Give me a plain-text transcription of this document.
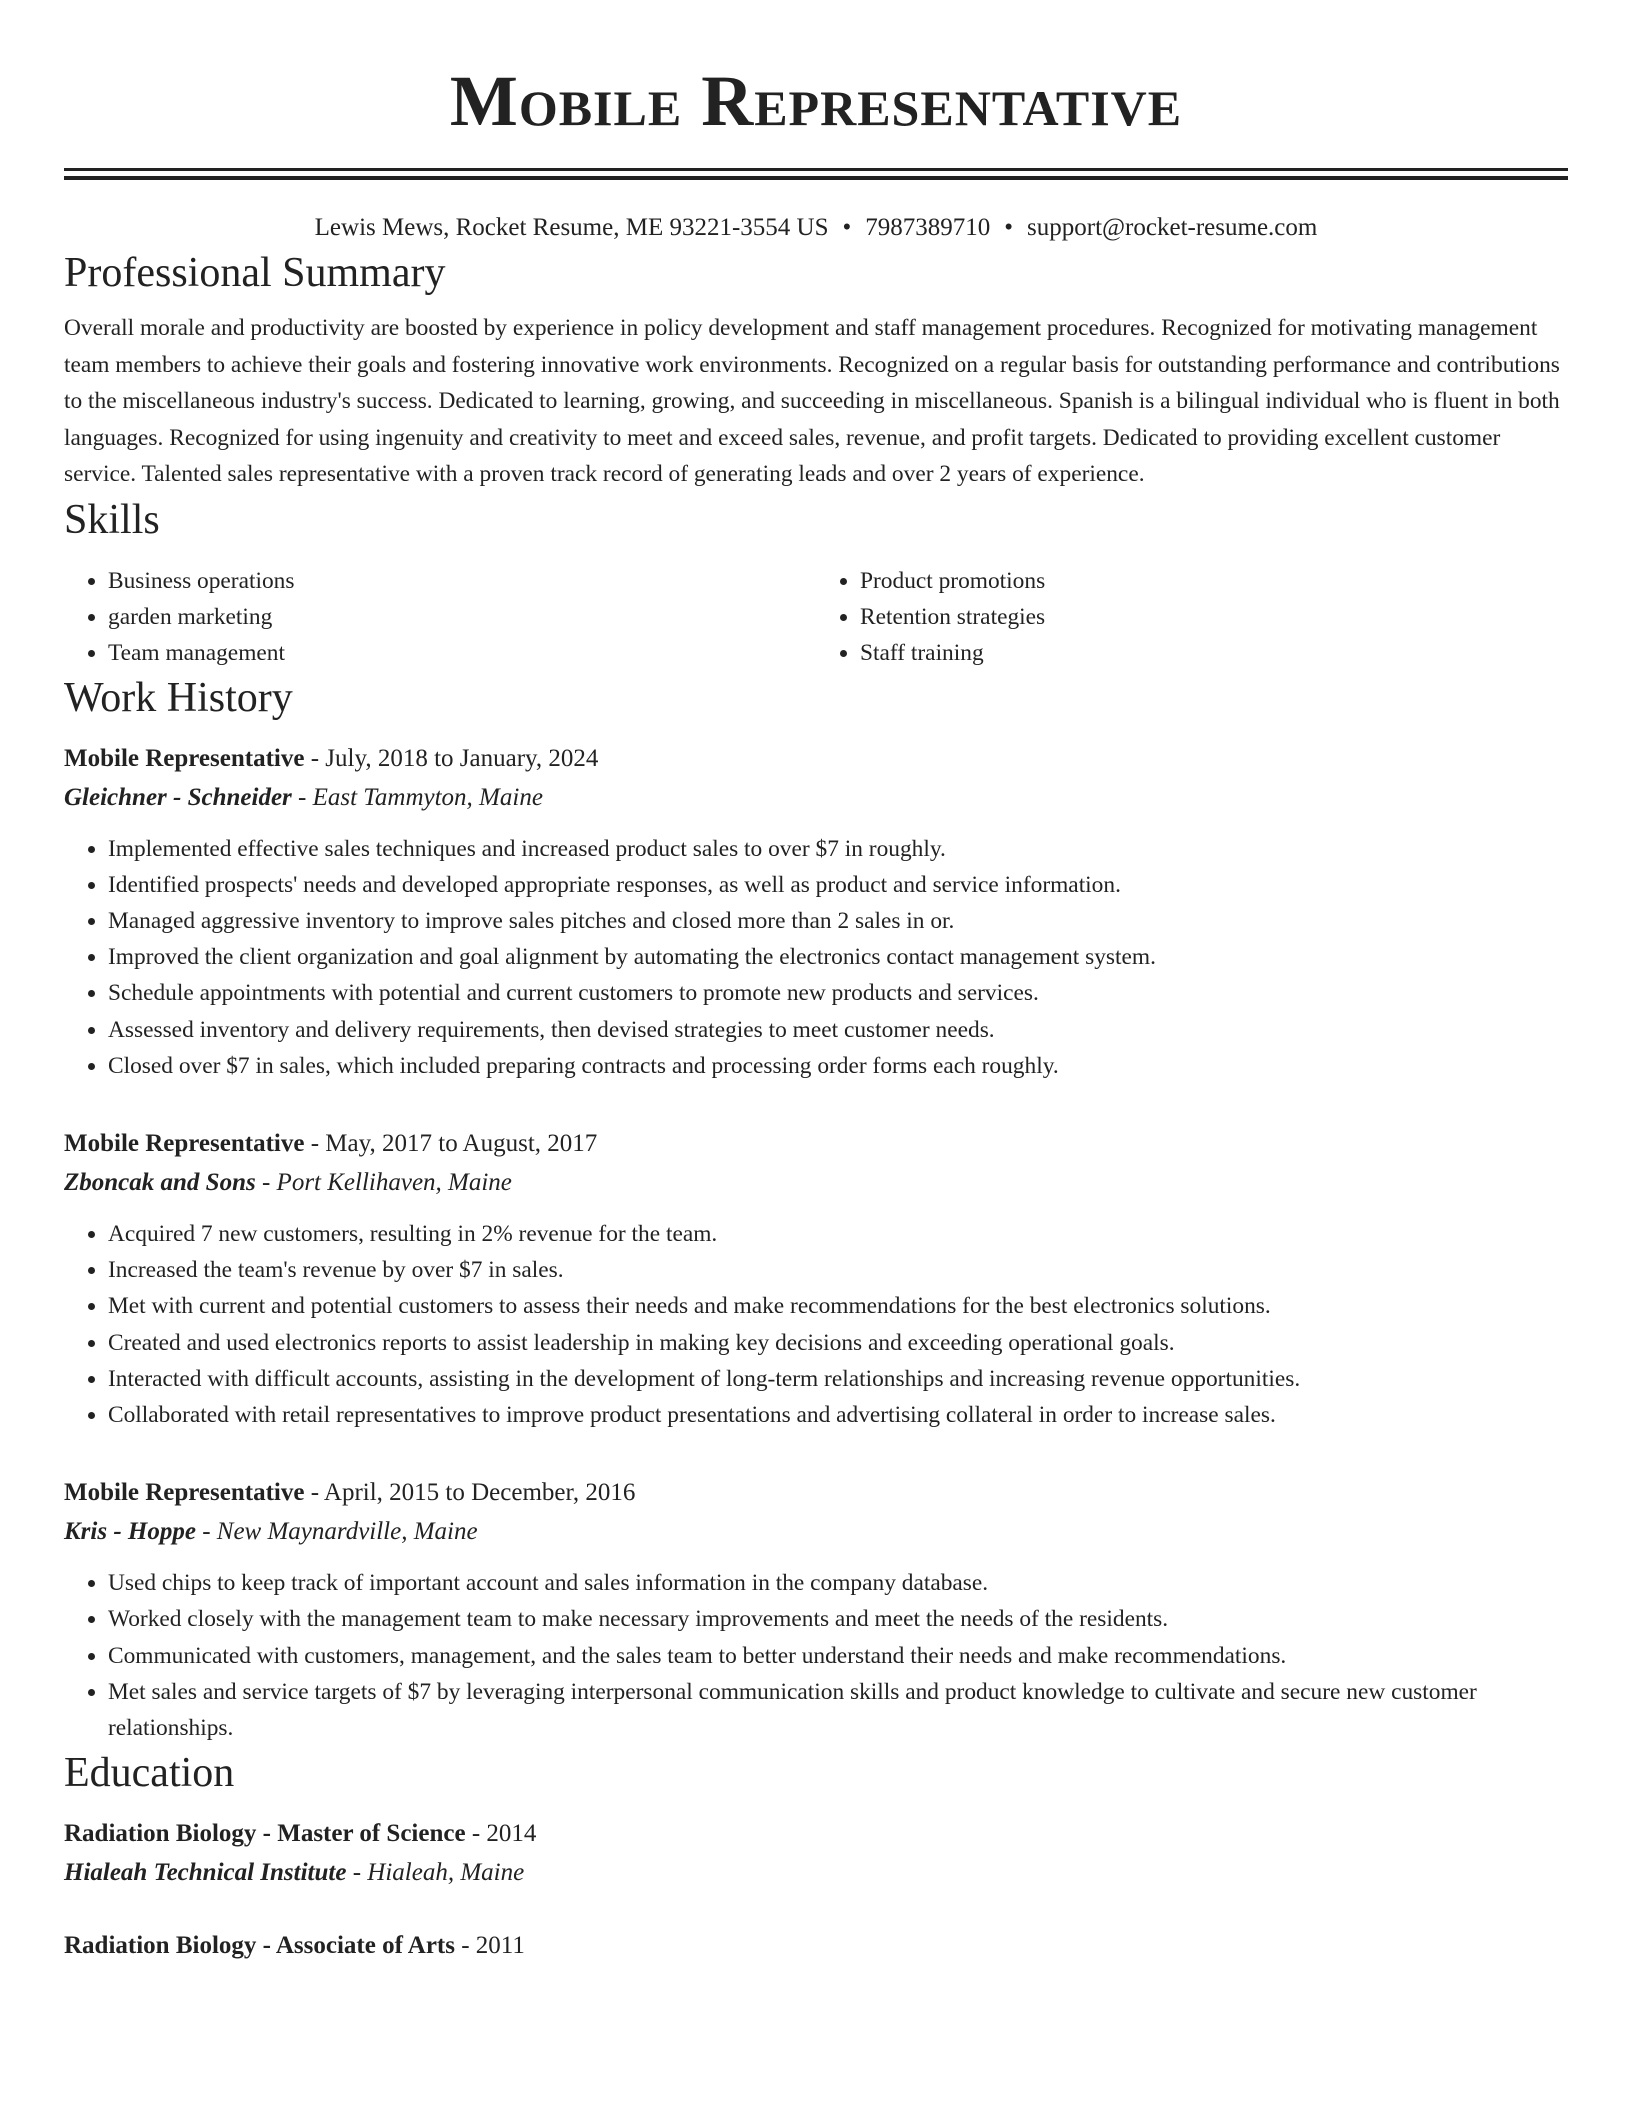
Mobile Representative
Lewis Mews, Rocket Resume, ME 93221-3554 US • 7987389710 • support@rocket-resume.com
Professional Summary

Overall morale and productivity are boosted by experience in policy development and staff management procedures. Recognized for motivating management team members to achieve their goals and fostering innovative work environments. Recognized on a regular basis for outstanding performance and contributions to the miscellaneous industry's success. Dedicated to learning, growing, and succeeding in miscellaneous. Spanish is a bilingual individual who is fluent in both languages. Recognized for using ingenuity and creativity to meet and exceed sales, revenue, and profit targets. Dedicated to providing excellent customer service. Talented sales representative with a proven track record of generating leads and over 2 years of experience.

Skills
• Business operations
• garden marketing
• Team management
• Product promotions
• Retention strategies
• Staff training
Work History
Mobile Representative - July, 2018 to January, 2024
Gleichner - Schneider - East Tammyton, Maine
• Implemented effective sales techniques and increased product sales to over $7 in roughly.
• Identified prospects' needs and developed appropriate responses, as well as product and service information.
• Managed aggressive inventory to improve sales pitches and closed more than 2 sales in or.
• Improved the client organization and goal alignment by automating the electronics contact management system.
• Schedule appointments with potential and current customers to promote new products and services.
• Assessed inventory and delivery requirements, then devised strategies to meet customer needs.
• Closed over $7 in sales, which included preparing contracts and processing order forms each roughly.
Mobile Representative - May, 2017 to August, 2017
Zboncak and Sons - Port Kellihaven, Maine
• Acquired 7 new customers, resulting in 2% revenue for the team.
• Increased the team's revenue by over $7 in sales.
• Met with current and potential customers to assess their needs and make recommendations for the best electronics solutions.
• Created and used electronics reports to assist leadership in making key decisions and exceeding operational goals.
• Interacted with difficult accounts, assisting in the development of long-term relationships and increasing revenue opportunities.
• Collaborated with retail representatives to improve product presentations and advertising collateral in order to increase sales.
Mobile Representative - April, 2015 to December, 2016
Kris - Hoppe - New Maynardville, Maine
• Used chips to keep track of important account and sales information in the company database.
• Worked closely with the management team to make necessary improvements and meet the needs of the residents.
• Communicated with customers, management, and the sales team to better understand their needs and make recommendations.
• Met sales and service targets of $7 by leveraging interpersonal communication skills and product knowledge to cultivate and secure new customer relationships.
Education
Radiation Biology - Master of Science - 2014
Hialeah Technical Institute - Hialeah, Maine
Radiation Biology - Associate of Arts - 2011
